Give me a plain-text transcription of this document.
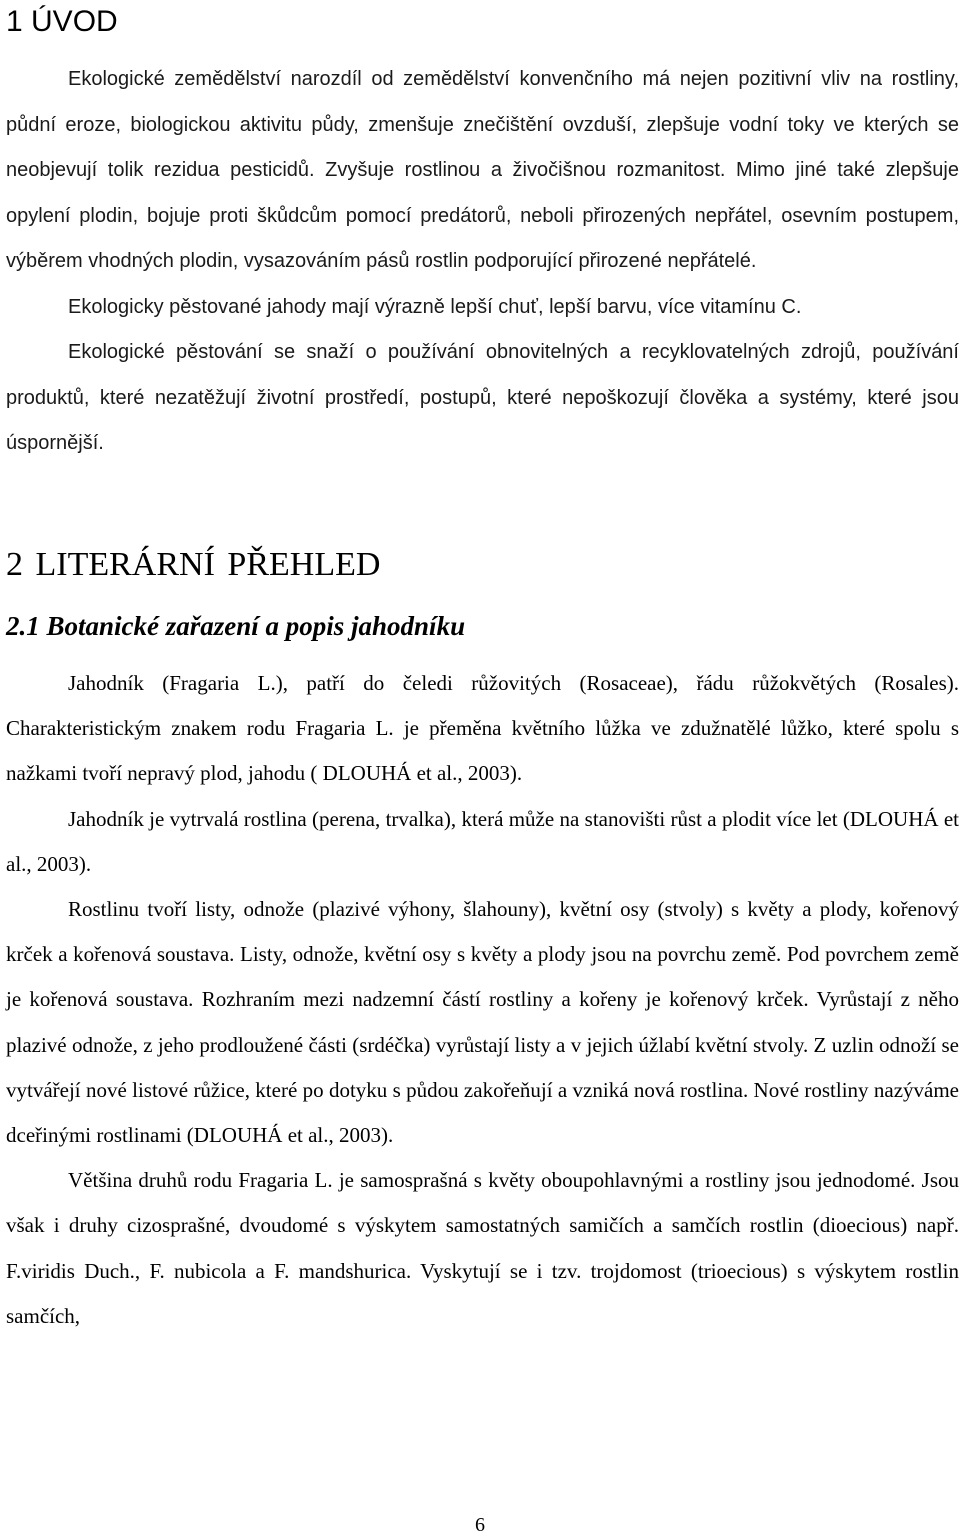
1 ÚVOD

Ekologické zemědělství narozdíl od zemědělství konvenčního má nejen pozitivní vliv na rostliny, půdní eroze, biologickou aktivitu půdy, zmenšuje znečištění ovzduší, zlepšuje vodní toky ve kterých se neobjevují tolik rezidua pesticidů. Zvyšuje rostlinou a živočišnou rozmanitost. Mimo jiné také zlepšuje opylení plodin, bojuje proti škůdcům pomocí predátorů, neboli přirozených nepřátel, osevním postupem, výběrem vhodných plodin, vysazováním pásů rostlin podporující přirozené nepřátelé.

Ekologicky pěstované jahody mají výrazně lepší chuť, lepší barvu, více vitamínu C.

Ekologické pěstování se snaží o používání obnovitelných a recyklovatelných zdrojů, používání produktů, které nezatěžují životní prostředí, postupů, které nepoškozují člověka a systémy, které jsou úspornější.

2 LITERÁRNÍ PŘEHLED
2.1 Botanické zařazení a popis jahodníku

Jahodník (Fragaria L.), patří do čeledi růžovitých (Rosaceae), řádu růžokvětých (Rosales). Charakteristickým znakem rodu Fragaria L. je přeměna květního lůžka ve zdužnatělé lůžko, které spolu s nažkami tvoří nepravý plod, jahodu ( DLOUHÁ et al., 2003).

Jahodník je vytrvalá rostlina (perena, trvalka), která může na stanovišti růst a plodit více let (DLOUHÁ et al., 2003).

Rostlinu tvoří listy, odnože (plazivé výhony, šlahouny), květní osy (stvoly) s květy a plody, kořenový krček a kořenová soustava. Listy, odnože, květní osy s květy a plody jsou na povrchu země. Pod povrchem země je kořenová soustava. Rozhraním mezi nadzemní částí rostliny a kořeny je kořenový krček. Vyrůstají z něho plazivé odnože, z jeho prodloužené části (srdéčka) vyrůstají listy a v jejich úžlabí květní stvoly. Z uzlin odnoží se vytvářejí nové listové růžice, které po dotyku s půdou zakořeňují a vzniká nová rostlina. Nové rostliny nazýváme dceřinými rostlinami (DLOUHÁ et al., 2003).

Většina druhů rodu Fragaria L. je samosprašná s květy oboupohlavnými a rostliny jsou jednodomé. Jsou však i druhy cizosprašné, dvoudomé s výskytem samostatných samičích a samčích rostlin (dioecious) např. F.viridis Duch., F. nubicola a F. mandshurica. Vyskytují se i tzv. trojdomost (trioecious) s výskytem rostlin samčích,

6
